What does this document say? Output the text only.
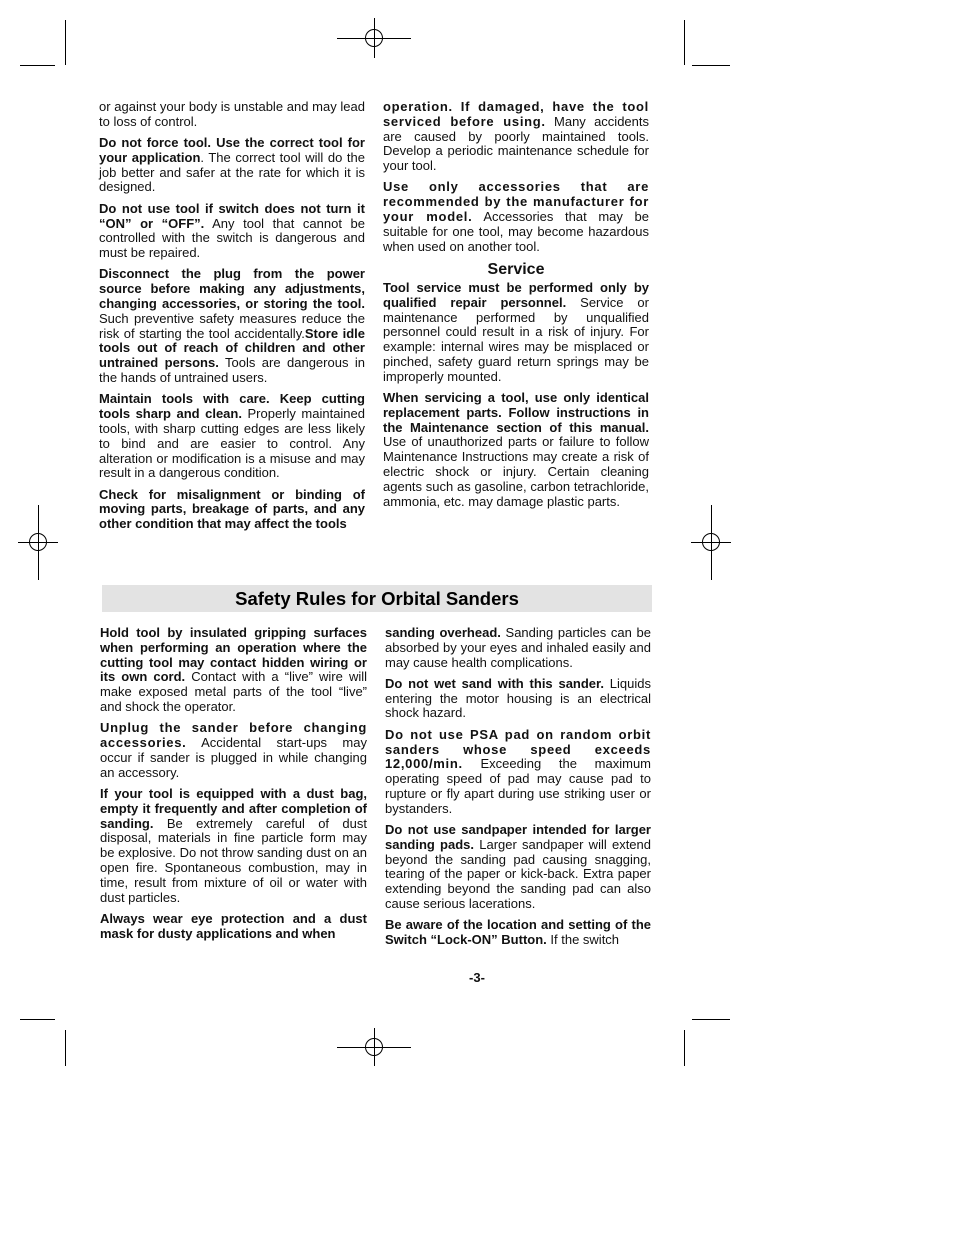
or against your body is unstable and may lead to loss of control.

Do not force tool. Use the correct tool for your application. The correct tool will do the job better and safer at the rate for which it is designed.

Do not use tool if switch does not turn it “ON” or “OFF”. Any tool that cannot be controlled with the switch is dangerous and must be repaired.

Disconnect the plug from the power source before making any adjustments, changing accessories, or storing the tool. Such preventive safety measures reduce the risk of starting the tool accidentally.Store idle tools out of reach of children and other untrained persons. Tools are dangerous in the hands of untrained users.

Maintain tools with care. Keep cutting tools sharp and clean. Properly maintained tools, with sharp cutting edges are less likely to bind and are easier to control. Any alteration or modification is a misuse and may result in a dangerous condition.

Check for misalignment or binding of moving parts, breakage of parts, and any other condition that may affect the tools

operation. If damaged, have the tool serviced before using. Many accidents are caused by poorly maintained tools. Develop a periodic maintenance schedule for your tool.

Use only accessories that are recommended by the manufacturer for your model. Accessories that may be suitable for one tool, may become hazardous when used on another tool.

Service

Tool service must be performed only by qualified repair personnel. Service or maintenance performed by unqualified personnel could result in a risk of injury. For example: internal wires may be misplaced or pinched, safety guard return springs may be improperly mounted.

When servicing a tool, use only identical replacement parts. Follow instructions in the Maintenance section of this manual. Use of unauthorized parts or failure to follow Maintenance Instructions may create a risk of electric shock or injury. Certain cleaning agents such as gasoline, carbon tetrachloride, ammonia, etc. may damage plastic parts.

Safety Rules for Orbital Sanders

Hold tool by insulated gripping surfaces when performing an operation where the cutting tool may contact hidden wiring or its own cord. Contact with a “live” wire will make exposed metal parts of the tool “live” and shock the operator.

Unplug the sander before changing accessories. Accidental start-ups may occur if sander is plugged in while changing an accessory.

If your tool is equipped with a dust bag, empty it frequently and after completion of sanding. Be extremely careful of dust disposal, materials in fine particle form may be explosive. Do not throw sanding dust on an open fire. Spontaneous combustion, may in time, result from mixture of oil or water with dust particles.

Always wear eye protection and a dust mask for dusty applications and when

sanding overhead. Sanding particles can be absorbed by your eyes and inhaled easily and may cause health complications.

Do not wet sand with this sander. Liquids entering the motor housing is an electrical shock hazard.

Do not use PSA pad on random orbit sanders whose speed exceeds 12,000/min. Exceeding the maximum operating speed of pad may cause pad to rupture or fly apart during use striking user or bystanders.

Do not use sandpaper intended for larger sanding pads. Larger sandpaper will extend beyond the sanding pad causing snagging, tearing of the paper or kick-back. Extra paper extending beyond the sanding pad can also cause serious lacerations.

Be aware of the location and setting of the Switch “Lock-ON” Button. If the switch

-3-
